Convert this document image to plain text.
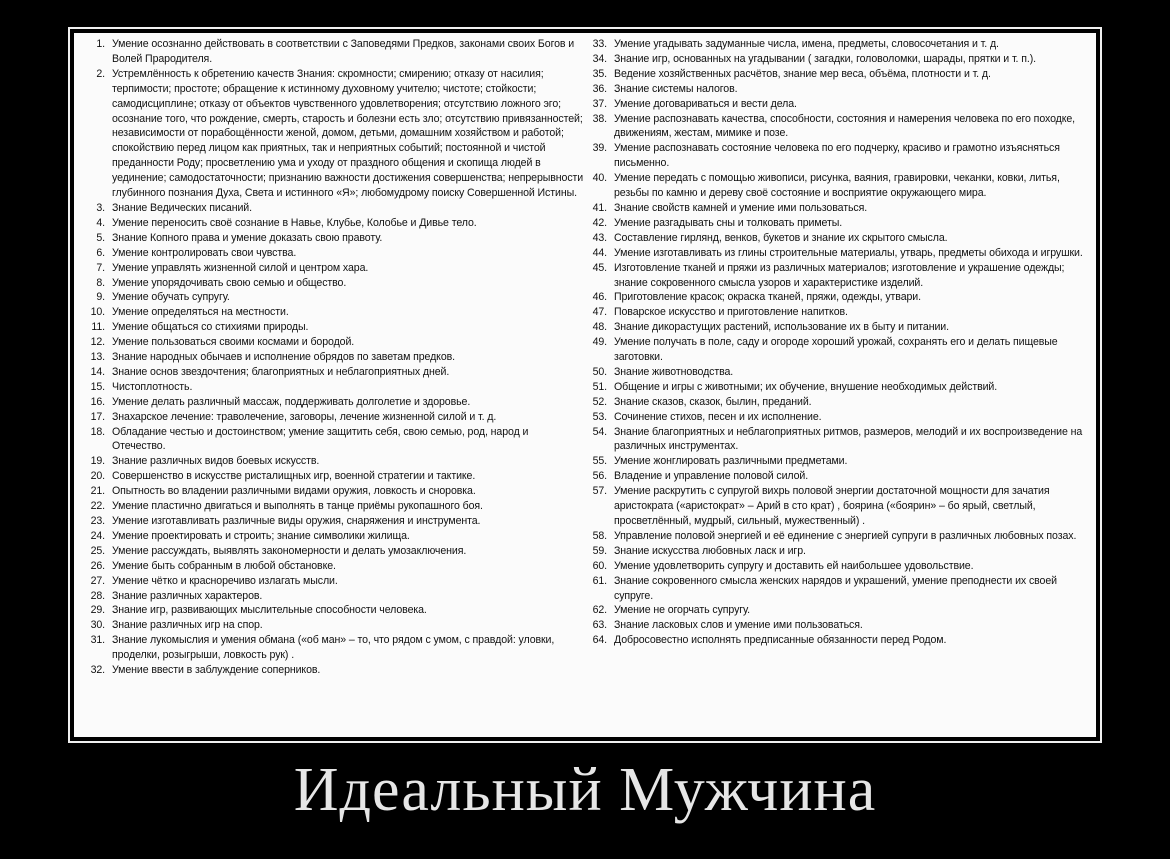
1. Умение осознанно действовать в соответствии с Заповедями Предков, законами своих Богов и Волей Прародителя.
2. Устремлённость к обретению качеств Знания: скромности; смирению; отказу от насилия; терпимости; простоте; обращение к истинному духовному учителю; чистоте; стойкости; самодисциплине; отказу от объектов чувственного удовлетворения; отсутствию ложного эго; осознание того, что рождение, смерть, старость и болезни есть зло; отсутствию привязанностей; независимости от порабощённости женой, домом, детьми, домашним хозяйством и работой; спокойствию перед лицом как приятных, так и неприятных событий; постоянной и чистой преданности Роду; просветлению ума и уходу от праздного общения и скопища людей в уединение; самодостаточности; признанию важности достижения совершенства; непрерывности глубинного познания Духа, Света и истинного «Я»; любомудрому поиску Совершенной Истины.
3. Знание Ведических писаний.
4. Умение переносить своё сознание в Навье, Клубье, Колобье и Дивье тело.
5. Знание Копного права и умение доказать свою правоту.
6. Умение контролировать свои чувства.
7. Умение управлять жизненной силой и центром хара.
8. Умение упорядочивать свою семью и общество.
9. Умение обучать супругу.
10. Умение определяться на местности.
11. Умение общаться со стихиями природы.
12. Умение пользоваться своими космами и бородой.
13. Знание народных обычаев и исполнение обрядов по заветам предков.
14. Знание основ звездочтения; благоприятных и неблагоприятных дней.
15. Чистоплотность.
16. Умение делать различный массаж, поддерживать долголетие и здоровье.
17. Знахарское лечение: траволечение, заговоры, лечение жизненной силой и т. д.
18. Обладание честью и достоинством; умение защитить себя, свою семью, род, народ и Отечество.
19. Знание различных видов боевых искусств.
20. Совершенство в искусстве ристалищных игр, военной стратегии и тактике.
21. Опытность во владении различными видами оружия, ловкость и сноровка.
22. Умение пластично двигаться и выполнять в танце приёмы рукопашного боя.
23. Умение изготавливать различные виды оружия, снаряжения и инструмента.
24. Умение проектировать и строить; знание символики жилища.
25. Умение рассуждать, выявлять закономерности и делать умозаключения.
26. Умение быть собранным в любой обстановке.
27. Умение чётко и красноречиво излагать мысли.
28. Знание различных характеров.
29. Знание игр, развивающих мыслительные способности человека.
30. Знание различных игр на спор.
31. Знание лукомыслия и умения обмана («об ман» – то, что рядом с умом, с правдой: уловки, проделки, розыгрыши, ловкость рук) .
32. Умение ввести в заблуждение соперников.
33. Умение угадывать задуманные числа, имена, предметы, словосочетания и т. д.
34. Знание игр, основанных на угадывании ( загадки, головоломки, шарады, прятки и т. п.).
35. Ведение хозяйственных расчётов, знание мер веса, объёма, плотности и т. д.
36. Знание системы налогов.
37. Умение договариваться и вести дела.
38. Умение распознавать качества, способности, состояния и намерения человека по его походке, движениям, жестам, мимике и позе.
39. Умение распознавать состояние человека по его подчерку, красиво и грамотно изъясняться письменно.
40. Умение передать с помощью живописи, рисунка, ваяния, гравировки, чеканки, ковки, литья, резьбы по камню и дереву своё состояние и восприятие окружающего мира.
41. Знание свойств камней и умение ими пользоваться.
42. Умение разгадывать сны и толковать приметы.
43. Составление гирлянд, венков, букетов и знание их скрытого смысла.
44. Умение изготавливать из глины строительные материалы, утварь, предметы обихода и игрушки.
45. Изготовление тканей и пряжи из различных материалов; изготовление и украшение одежды; знание сокровенного смысла узоров и характеристике изделий.
46. Приготовление красок; окраска тканей, пряжи, одежды, утвари.
47. Поварское искусство и приготовление напитков.
48. Знание дикорастущих растений, использование их в быту и питании.
49. Умение получать в поле, саду и огороде хороший урожай, сохранять его и делать пищевые заготовки.
50. Знание животноводства.
51. Общение и игры с животными; их обучение, внушение необходимых действий.
52. Знание сказов, сказок, былин, преданий.
53. Сочинение стихов, песен и их исполнение.
54. Знание благоприятных и неблагоприятных ритмов, размеров, мелодий и их воспроизведение на различных инструментах.
55. Умение жонглировать различными предметами.
56. Владение и управление половой силой.
57. Умение раскрутить с супругой вихрь половой энергии достаточной мощности для зачатия аристократа («аристократ» – Арий в сто крат) , боярина («боярин» – бо ярый, светлый, просветлённый, мудрый, сильный, мужественный) .
58. Управление половой энергией и её единение с энергией супруги в различных любовных позах.
59. Знание искусства любовных ласк и игр.
60. Умение удовлетворить супругу и доставить ей наибольшее удовольствие.
61. Знание сокровенного смысла женских нарядов и украшений, умение преподнести их своей супруге.
62. Умение не огорчать супругу.
63. Знание ласковых слов и умение ими пользоваться.
64. Добросовестно исполнять предписанные обязанности перед Родом.
Идеальный Мужчина
